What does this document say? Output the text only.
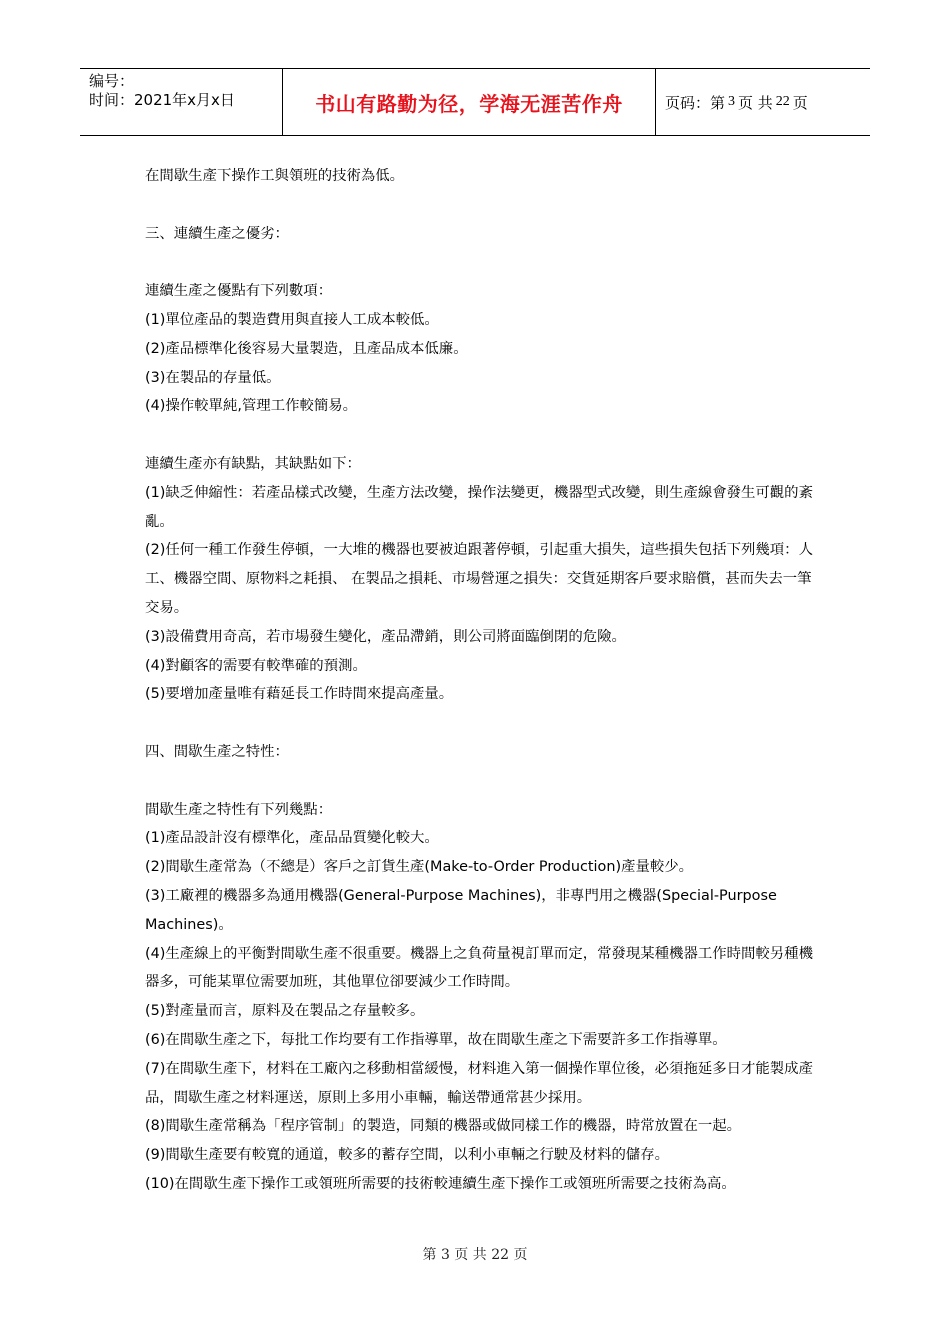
编号：
时间：2021年x月x日	书山有路勤为径，学海无涯苦作舟	页码：第 3 页 共 22 页

在間歇生產下操作工與領班的技術為低。

三、連續生產之優劣：

連續生產之優點有下列數項：

(1)單位產品的製造費用與直接人工成本較低。

(2)產品標準化後容易大量製造，且產品成本低廉。

(3)在製品的存量低。

(4)操作較單純,管理工作較簡易。

連續生產亦有缺點，其缺點如下：

(1)缺乏伸縮性：若產品樣式改變，生產方法改變，操作法變更，機器型式改變，則生產線會發生可觀的紊亂。

(2)任何一種工作發生停頓，一大堆的機器也要被迫跟著停頓，引起重大損失，這些損失包括下列幾項：人工、機器空間、原物料之耗損、 在製品之損耗、市場營運之損失：交貨延期客戶要求賠償，甚而失去一筆交易。

(3)設備費用奇高，若市場發生變化，產品滯銷，則公司將面臨倒閉的危險。

(4)對顧客的需要有較準確的預測。

(5)要增加產量唯有藉延長工作時間來提高產量。

四、間歇生產之特性：

間歇生產之特性有下列幾點：

(1)產品設計沒有標準化，產品品質變化較大。

(2)間歇生產常為（不總是）客戶之訂貨生產(Make-to-Order Production)產量較少。

(3)工廠裡的機器多為通用機器(General-Purpose Machines)，非專門用之機器(Special-Purpose Machines)。

(4)生產線上的平衡對間歇生產不很重要。機器上之負荷量視訂單而定，常發現某種機器工作時間較另種機器多，可能某單位需要加班，其他單位卻要減少工作時間。

(5)對產量而言，原料及在製品之存量較多。

(6)在間歇生產之下，每批工作均要有工作指導單，故在間歇生產之下需要許多工作指導單。

(7)在間歇生產下，材料在工廠內之移動相當緩慢，材料進入第一個操作單位後，必須拖延多日才能製成產品，間歇生產之材料運送，原則上多用小車輛，輸送帶通常甚少採用。

(8)間歇生產常稱為「程序管制」的製造，同類的機器或做同樣工作的機器，時常放置在一起。

(9)間歇生產要有較寬的通道，較多的蓄存空間，以利小車輛之行駛及材料的儲存。

(10)在間歇生產下操作工或領班所需要的技術較連續生產下操作工或領班所需要之技術為高。

第 3 页 共 22 页
